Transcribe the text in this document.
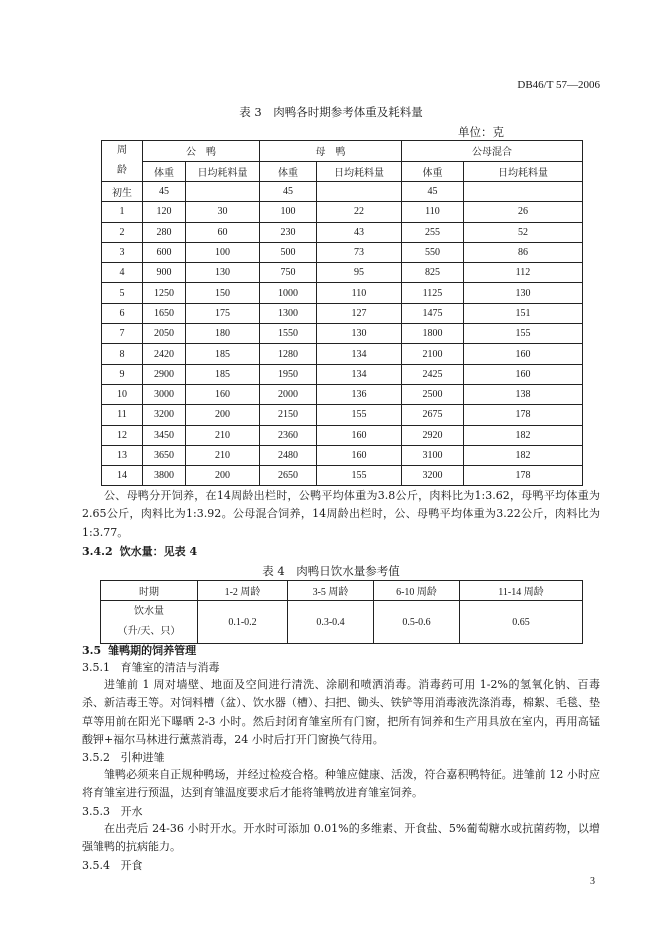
DB46/T 57—2006
表 3　肉鸭各时期参考体重及耗料量
单位：克
周
龄	公　鸭		母　鸭		公母混合	
	体重	日均耗料量	体重	日均耗料量	体重	日均耗料量
初生	45		45		45	
1	120	30	100	22	110	26
2	280	60	230	43	255	52
3	600	100	500	73	550	86
4	900	130	750	95	825	112
5	1250	150	1000	110	1125	130
6	1650	175	1300	127	1475	151
7	2050	180	1550	130	1800	155
8	2420	185	1280	134	2100	160
9	2900	185	1950	134	2425	160
10	3000	160	2000	136	2500	138
11	3200	200	2150	155	2675	178
12	3450	210	2360	160	2920	182
13	3650	210	2480	160	3100	182
14	3800	200	2650	155	3200	178
公、母鸭分开饲养，在14周龄出栏时，公鸭平均体重为3.8公斤，肉料比为1:3.62，母鸭平均体重为2.65公斤，肉料比为1:3.92。公母混合饲养，14周龄出栏时，公、母鸭平均体重为3.22公斤，肉料比为1:3.77。
3.4.2 饮水量：见表 4
表 4　肉鸭日饮水量参考值
时期	1-2 周龄	3-5 周龄	6-10 周龄	11-14 周龄

饮水量
（升/天、只）	0.1-0.2	0.3-0.4	0.5-0.6	0.65
3.5 雏鸭期的饲养管理
3.5.1 育雏室的清洁与消毒
进雏前 1 周对墙壁、地面及空间进行清洗、涂刷和喷洒消毒。消毒药可用 1-2%的氢氧化钠、百毒杀、新洁毒王等。对饲料槽（盆）、饮水器（槽）、扫把、锄头、铁铲等用消毒液洗涤消毒，棉絮、毛毯、垫草等用前在阳光下曝晒 2-3 小时。然后封闭育雏室所有门窗，把所有饲养和生产用具放在室内，再用高锰酸钾+福尔马林进行薰蒸消毒，24 小时后打开门窗换气待用。
3.5.2 引种进雏
雏鸭必须来自正规种鸭场，并经过检疫合格。种雏应健康、活泼，符合嘉积鸭特征。进雏前 12 小时应将育雏室进行预温，达到育雏温度要求后才能将雏鸭放进育雏室饲养。
3.5.3 开水
在出壳后 24-36 小时开水。开水时可添加 0.01%的多维素、开食盐、5%葡萄糖水或抗菌药物，以增强雏鸭的抗病能力。
3.5.4 开食
3
